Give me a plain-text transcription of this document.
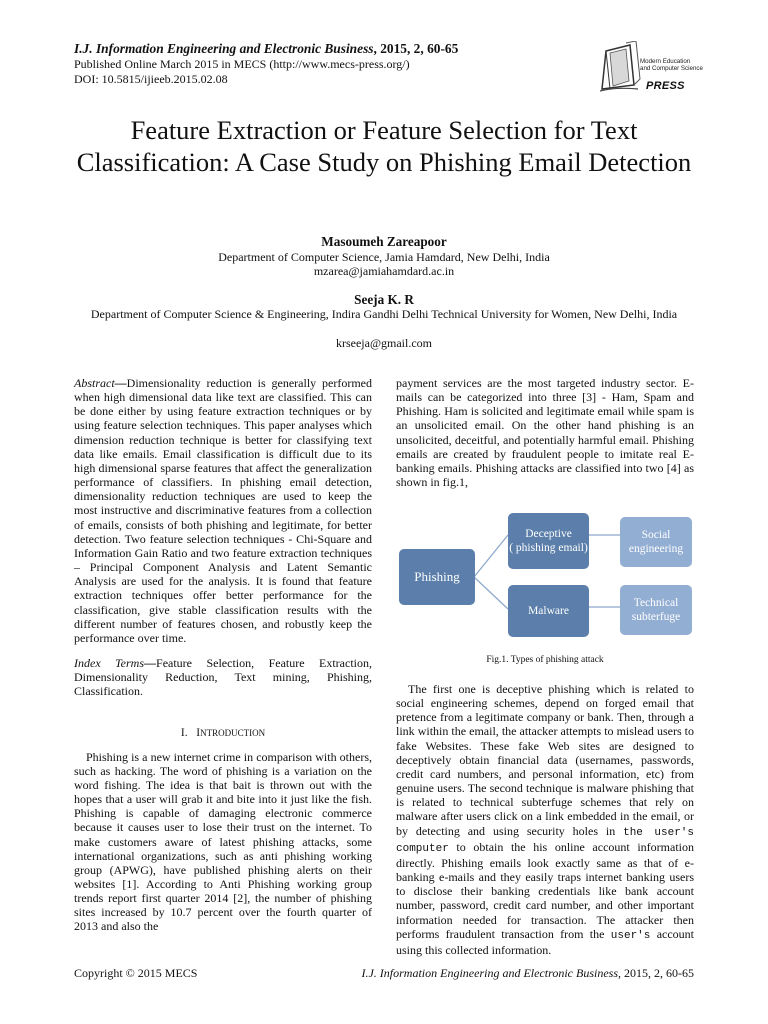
I.J. Information Engineering and Electronic Business, 2015, 2, 60-65
Published Online March 2015 in MECS (http://www.mecs-press.org/)
DOI: 10.5815/ijieeb.2015.02.08
Modern Education
and Computer Science
PRESS
Feature Extraction or Feature Selection for Text Classification: A Case Study on Phishing Email Detection
Masoumeh Zareapoor
Department of Computer Science, Jamia Hamdard, New Delhi, India
mzarea@jamiahamdard.ac.in
Seeja K. R
Department of Computer Science & Engineering, Indira Gandhi Delhi Technical University for Women, New Delhi, India
krseeja@gmail.com

Abstract—Dimensionality reduction is generally performed when high dimensional data like text are classified. This can be done either by using feature extraction techniques or by using feature selection techniques. This paper analyses which dimension reduction technique is better for classifying text data like emails. Email classification is difficult due to its high dimensional sparse features that affect the generalization performance of classifiers. In phishing email detection, dimensionality reduction techniques are used to keep the most instructive and discriminative features from a collection of emails, consists of both phishing and legitimate, for better detection. Two feature selection techniques - Chi-Square and Information Gain Ratio and two feature extraction techniques – Principal Component Analysis and Latent Semantic Analysis are used for the analysis. It is found that feature extraction techniques offer better performance for the classification, give stable classification results with the different number of features chosen, and robustly keep the performance over time.

Index Terms—Feature Selection, Feature Extraction, Dimensionality Reduction, Text mining, Phishing, Classification.

I. INTRODUCTION

Phishing is a new internet crime in comparison with others, such as hacking. The word of phishing is a variation on the word fishing. The idea is that bait is thrown out with the hopes that a user will grab it and bite into it just like the fish. Phishing is capable of damaging electronic commerce because it causes user to lose their trust on the internet. To make customers aware of latest phishing attacks, some international organizations, such as anti phishing working group (APWG), have published phishing alerts on their websites [1]. According to Anti Phishing working group trends report first quarter 2014 [2], the number of phishing sites increased by 10.7 percent over the fourth quarter of 2013 and also the

payment services are the most targeted industry sector. E-mails can be categorized into three [3] - Ham, Spam and Phishing. Ham is solicited and legitimate email while spam is an unsolicited email. On the other hand phishing is an unsolicited, deceitful, and potentially harmful email. Phishing emails are created by fraudulent people to imitate real E-banking emails. Phishing attacks are classified into two [4] as shown in fig.1,

Phishing
Deceptive
( phishing email)
Malware
Social
engineering
Technical
subterfuge
Fig.1. Types of phishing attack

The first one is deceptive phishing which is related to social engineering schemes, depend on forged email that pretence from a legitimate company or bank. Then, through a link within the email, the attacker attempts to mislead users to fake Websites. These fake Web sites are designed to deceptively obtain financial data (usernames, passwords, credit card numbers, and personal information, etc) from genuine users. The second technique is malware phishing that is related to technical subterfuge schemes that rely on malware after users click on a link embedded in the email, or by detecting and using security holes in the user's computer to obtain the his online account information directly. Phishing emails look exactly same as that of e- banking e-mails and they easily traps internet banking users to disclose their banking credentials like bank account number, password, credit card number, and other important information needed for transaction. The attacker then performs fraudulent transaction from the user's account using this collected information.

Copyright © 2015 MECS	I.J. Information Engineering and Electronic Business, 2015, 2, 60-65
